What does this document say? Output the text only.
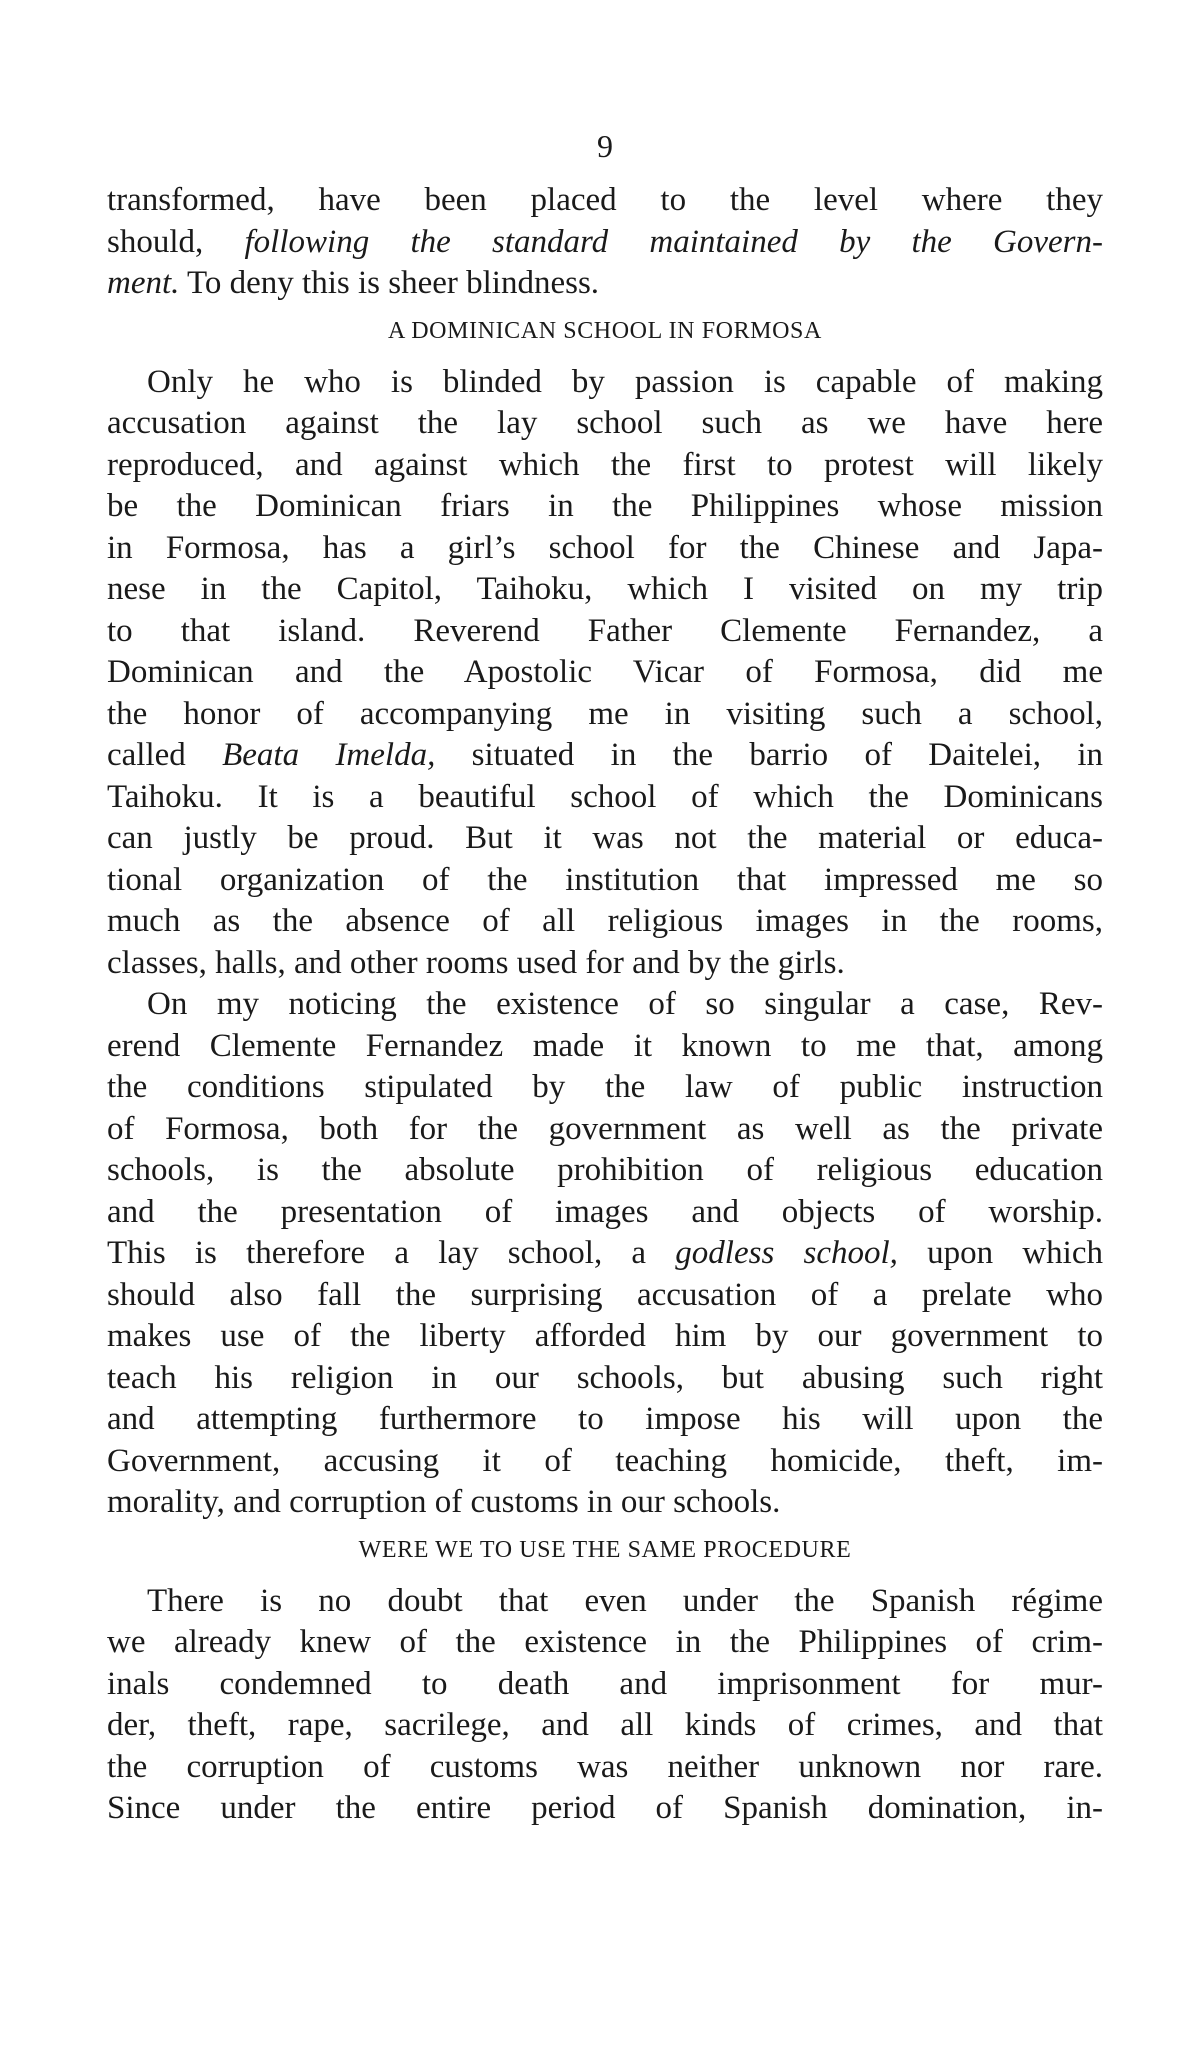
9
transformed, have been placed to the level where they
should, following the standard maintained by the Govern-
ment. To deny this is sheer blindness.
A DOMINICAN SCHOOL IN FORMOSA
Only he who is blinded by passion is capable of making
accusation against the lay school such as we have here
reproduced, and against which the first to protest will likely
be the Dominican friars in the Philippines whose mission
in Formosa, has a girl’s school for the Chinese and Japa-
nese in the Capitol, Taihoku, which I visited on my trip
to that island. Reverend Father Clemente Fernandez, a
Dominican and the Apostolic Vicar of Formosa, did me
the honor of accompanying me in visiting such a school,
called Beata Imelda, situated in the barrio of Daitelei, in
Taihoku. It is a beautiful school of which the Dominicans
can justly be proud. But it was not the material or educa-
tional organization of the institution that impressed me so
much as the absence of all religious images in the rooms,
classes, halls, and other rooms used for and by the girls.
On my noticing the existence of so singular a case, Rev-
erend Clemente Fernandez made it known to me that, among
the conditions stipulated by the law of public instruction
of Formosa, both for the government as well as the private
schools, is the absolute prohibition of religious education
and the presentation of images and objects of worship.
This is therefore a lay school, a godless school, upon which
should also fall the surprising accusation of a prelate who
makes use of the liberty afforded him by our government to
teach his religion in our schools, but abusing such right
and attempting furthermore to impose his will upon the
Government, accusing it of teaching homicide, theft, im-
morality, and corruption of customs in our schools.
WERE WE TO USE THE SAME PROCEDURE
There is no doubt that even under the Spanish régime
we already knew of the existence in the Philippines of crim-
inals condemned to death and imprisonment for mur-
der, theft, rape, sacrilege, and all kinds of crimes, and that
the corruption of customs was neither unknown nor rare.
Since under the entire period of Spanish domination, in-
